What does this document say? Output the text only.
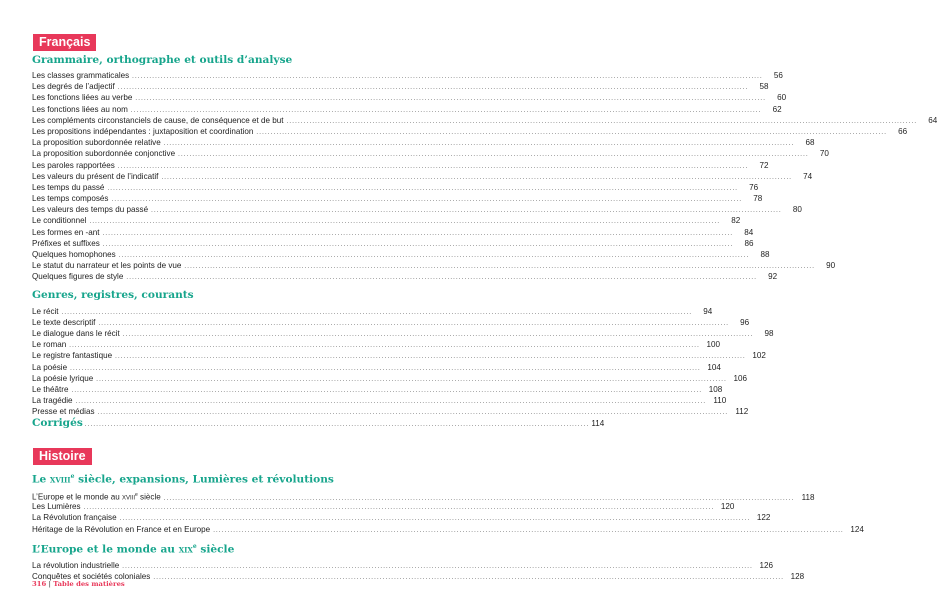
Français
Grammaire, orthographe et outils d’analyse
Les classes grammaticales ............................................................................................................................................................................................................................	56
Les degrés de l’adjectif ............................................................................................................................................................................................................................	58
Les fonctions liées au verbe ............................................................................................................................................................................................................................	60
Les fonctions liées au nom ............................................................................................................................................................................................................................	62
Les compléments circonstanciels de cause, de conséquence et de but ............................................................................................................................................................................................................................	64
Les propositions indépendantes : juxtaposition et coordination ............................................................................................................................................................................................................................	66
La proposition subordonnée relative ............................................................................................................................................................................................................................	68
La proposition subordonnée conjonctive ............................................................................................................................................................................................................................	70
Les paroles rapportées ............................................................................................................................................................................................................................	72
Les valeurs du présent de l’indicatif ............................................................................................................................................................................................................................	74
Les temps du passé ............................................................................................................................................................................................................................	76
Les temps composés ............................................................................................................................................................................................................................	78
Les valeurs des temps du passé ............................................................................................................................................................................................................................	80
Le conditionnel ............................................................................................................................................................................................................................	82
Les formes en -ant ............................................................................................................................................................................................................................	84
Préfixes et suffixes ............................................................................................................................................................................................................................	86
Quelques homophones ............................................................................................................................................................................................................................	88
Le statut du narrateur et les points de vue ............................................................................................................................................................................................................................	90
Quelques figures de style ............................................................................................................................................................................................................................	92
Genres, registres, courants
Le récit ............................................................................................................................................................................................................................	94
Le texte descriptif ............................................................................................................................................................................................................................	96
Le dialogue dans le récit ............................................................................................................................................................................................................................	98
Le roman ............................................................................................................................................................................................................................ 100
Le registre fantastique ............................................................................................................................................................................................................................ 102
La poésie ............................................................................................................................................................................................................................ 104
La poésie lyrique ............................................................................................................................................................................................................................ 106
Le théâtre ............................................................................................................................................................................................................................ 108
La tragédie ............................................................................................................................................................................................................................ 110
Presse et médias ............................................................................................................................................................................................................................ 112
Corrigés ................................................................................................................................................................................ 114
Histoire
Le xviii$^e$ siècle, expansions, Lumières et révolutions
L’Europe et le monde au xviii$^e$ siècle ............................................................................................................................................................................................................................ 118
Les Lumières ............................................................................................................................................................................................................................ 120
La Révolution française ............................................................................................................................................................................................................................ 122
Héritage de la Révolution en France et en Europe ............................................................................................................................................................................................................................ 124
L’Europe et le monde au xix$^e$ siècle
La révolution industrielle ............................................................................................................................................................................................................................ 126
Conquêtes et sociétés coloniales ............................................................................................................................................................................................................................ 128
316 | Table des matières
